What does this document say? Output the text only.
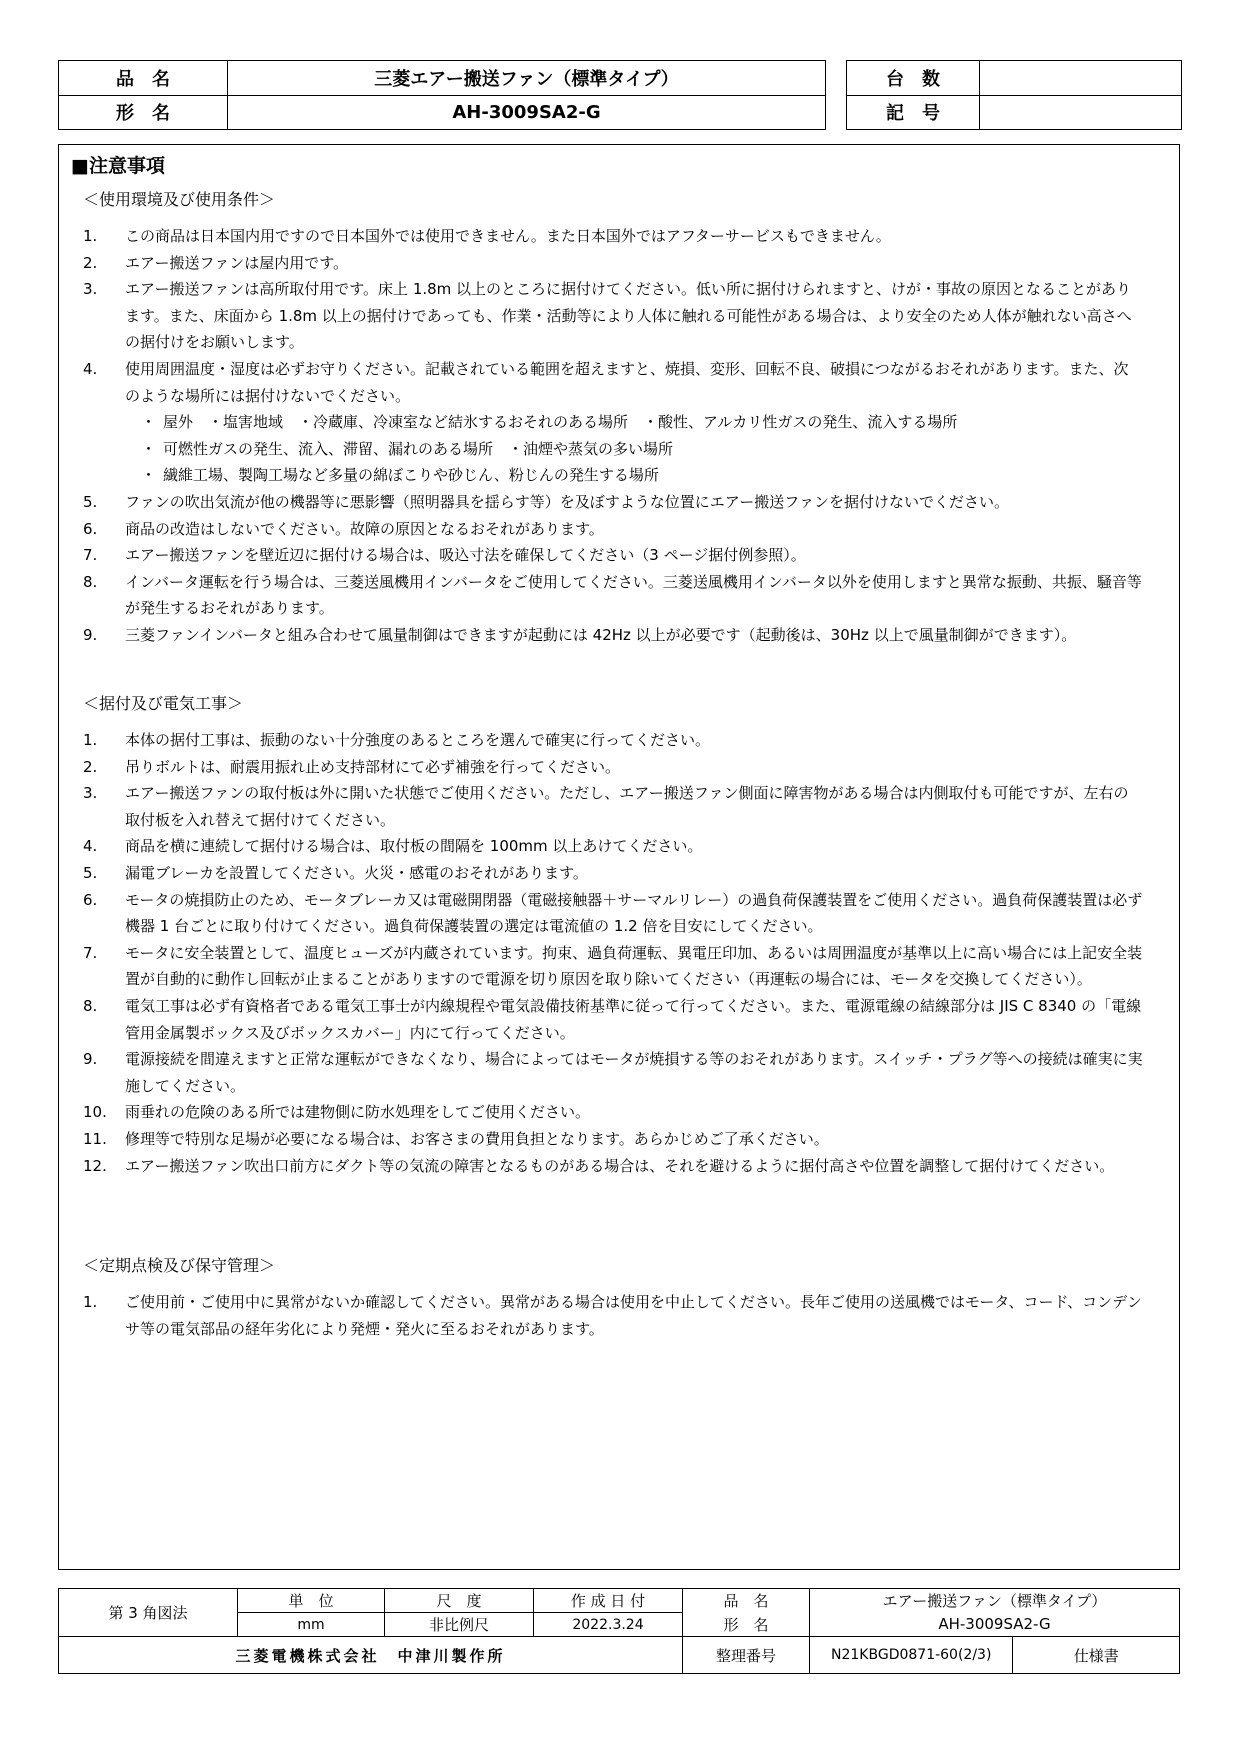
品　名	三菱エアー搬送ファン（標準タイプ）
形　名	AH-3009SA2-G
台　数	
記　号	
■注意事項
＜使用環境及び使用条件＞
1.	この商品は日本国内用ですので日本国外では使用できません。また日本国外ではアフターサービスもできません。
2.	エアー搬送ファンは屋内用です。
3.	エアー搬送ファンは高所取付用です。床上 1.8m 以上のところに据付けてください。低い所に据付けられますと、けが・事故の原因となることがあります。また、床面から 1.8m 以上の据付けであっても、作業・活動等により人体に触れる可能性がある場合は、より安全のため人体が触れない高さへの据付けをお願いします。
4.	使用周囲温度・湿度は必ずお守りください。記載されている範囲を超えますと、焼損、変形、回転不良、破損につながるおそれがあります。また、次のような場所には据付けないでください。
・ 屋外　・塩害地域　・冷蔵庫、冷凍室など結氷するおそれのある場所　・酸性、アルカリ性ガスの発生、流入する場所
・ 可燃性ガスの発生、流入、滞留、漏れのある場所　・油煙や蒸気の多い場所
・ 繊維工場、製陶工場など多量の綿ぼこりや砂じん、粉じんの発生する場所
5.	ファンの吹出気流が他の機器等に悪影響（照明器具を揺らす等）を及ぼすような位置にエアー搬送ファンを据付けないでください。
6.	商品の改造はしないでください。故障の原因となるおそれがあります。
7.	エアー搬送ファンを壁近辺に据付ける場合は、吸込寸法を確保してください（3 ページ据付例参照）。
8.	インバータ運転を行う場合は、三菱送風機用インバータをご使用してください。三菱送風機用インバータ以外を使用しますと異常な振動、共振、騒音等が発生するおそれがあります。
9.	三菱ファンインバータと組み合わせて風量制御はできますが起動には 42Hz 以上が必要です（起動後は、30Hz 以上で風量制御ができます）。
＜据付及び電気工事＞
1.	本体の据付工事は、振動のない十分強度のあるところを選んで確実に行ってください。
2.	吊りボルトは、耐震用振れ止め支持部材にて必ず補強を行ってください。
3.	エアー搬送ファンの取付板は外に開いた状態でご使用ください。ただし、エアー搬送ファン側面に障害物がある場合は内側取付も可能ですが、左右の取付板を入れ替えて据付けてください。
4.	商品を横に連続して据付ける場合は、取付板の間隔を 100mm 以上あけてください。
5.	漏電ブレーカを設置してください。火災・感電のおそれがあります。
6.	モータの焼損防止のため、モータブレーカ又は電磁開閉器（電磁接触器＋サーマルリレー）の過負荷保護装置をご使用ください。過負荷保護装置は必ず機器 1 台ごとに取り付けてください。過負荷保護装置の選定は電流値の 1.2 倍を目安にしてください。
7.	モータに安全装置として、温度ヒューズが内蔵されています。拘束、過負荷運転、異電圧印加、あるいは周囲温度が基準以上に高い場合には上記安全装置が自動的に動作し回転が止まることがありますので電源を切り原因を取り除いてください（再運転の場合には、モータを交換してください）。
8.	電気工事は必ず有資格者である電気工事士が内線規程や電気設備技術基準に従って行ってください。また、電源電線の結線部分は JIS C 8340 の「電線管用金属製ボックス及びボックスカバー」内にて行ってください。
9.	電源接続を間違えますと正常な運転ができなくなり、場合によってはモータが焼損する等のおそれがあります。スイッチ・プラグ等への接続は確実に実施してください。
10.	雨垂れの危険のある所では建物側に防水処理をしてご使用ください。
11.	修理等で特別な足場が必要になる場合は、お客さまの費用負担となります。あらかじめご了承ください。
12.	エアー搬送ファン吹出口前方にダクト等の気流の障害となるものがある場合は、それを避けるように据付高さや位置を調整して据付けてください。
＜定期点検及び保守管理＞
1.	ご使用前・ご使用中に異常がないか確認してください。異常がある場合は使用を中止してください。長年ご使用の送風機ではモータ、コード、コンデンサ等の電気部品の経年劣化により発煙・発火に至るおそれがあります。
第 3 角図法	単　位	尺　度	作 成 日 付	品　名	エアー搬送ファン（標準タイプ）
mm	非比例尺	2022.3.24	形　名	AH-3009SA2-G
三菱電機株式会社　中津川製作所	整理番号		N21KBGD0871-60(2/3)	仕様書
